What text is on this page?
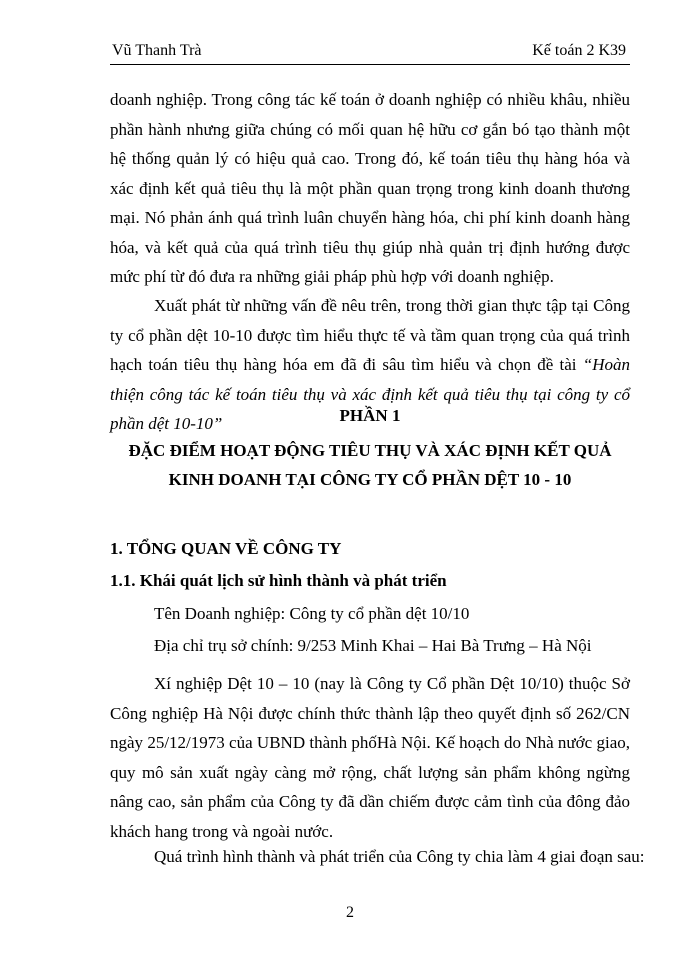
Vũ Thanh Trà	Kế toán 2 K39

doanh nghiệp. Trong công tác kế toán ở doanh nghiệp có nhiều khâu, nhiều phần hành nhưng giữa chúng có mối quan hệ hữu cơ gắn bó tạo thành một hệ thống quản lý có hiệu quả cao. Trong đó, kế toán tiêu thụ hàng hóa và xác định kết quả tiêu thụ là một phần quan trọng trong kinh doanh thương mại. Nó phản ánh quá trình luân chuyển hàng hóa, chi phí kinh doanh hàng hóa, và kết quả của quá trình tiêu thụ giúp nhà quản trị định hướng được mức phí từ đó đưa ra những giải pháp phù hợp với doanh nghiệp.

Xuất phát từ những vấn đề nêu trên, trong thời gian thực tập tại Công ty cổ phần dệt 10-10 được tìm hiểu thực tế và tầm quan trọng của quá trình hạch toán tiêu thụ hàng hóa em đã đi sâu tìm hiểu và chọn đề tài “Hoàn thiện công tác kế toán tiêu thụ và xác định kết quả tiêu thụ tại công ty cổ phần dệt 10-10”	PHẦN 1

ĐẶC ĐIỂM HOẠT ĐỘNG TIÊU THỤ VÀ XÁC ĐỊNH KẾT QUẢ

KINH DOANH TẠI CÔNG TY CỔ PHẦN DỆT 10 - 10

1. TỔNG QUAN VỀ CÔNG TY

1.1. Khái quát lịch sử hình thành và phát triển

Tên Doanh nghiệp: Công ty cổ phần dệt 10/10

Địa chỉ trụ sở chính: 9/253 Minh Khai – Hai Bà Trưng – Hà Nội

Xí nghiệp Dệt 10 – 10 (nay là Công ty Cổ phần Dệt 10/10) thuộc Sở Công nghiệp Hà Nội được chính thức thành lập theo quyết định số 262/CN ngày 25/12/1973 của UBND thành phốHà Nội. Kế hoạch do Nhà nước giao, quy mô sản xuất ngày càng mở rộng, chất lượng sản phẩm không ngừng nâng cao, sản phẩm của Công ty đã dần chiếm được cảm tình của đông đảo khách hang trong và ngoài nước.

Quá trình hình thành và phát triển của Công ty chia làm 4 giai đoạn sau:

2
